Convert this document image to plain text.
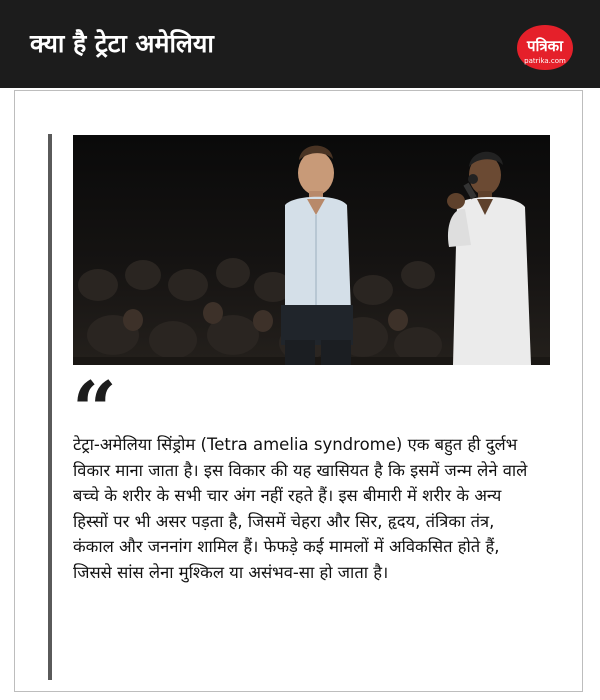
क्या है ट्रेटा अमेलिया	पत्रिका
patrika.com
“

टेट्रा-अमेलिया सिंड्रोम (Tetra amelia syndrome) एक बहुत ही दुर्लभ विकार माना जाता है। इस विकार की यह खासियत है कि इसमें जन्म लेने वाले बच्चे के शरीर के सभी चार अंग नहीं रहते हैं। इस बीमारी में शरीर के अन्य हिस्सों पर भी असर पड़ता है, जिसमें चेहरा और सिर, हृदय, तंत्रिका तंत्र, कंकाल और जननांग शामिल हैं। फेफड़े कई मामलों में अविकसित होते हैं, जिससे सांस लेना मुश्किल या असंभव-सा हो जाता है।
